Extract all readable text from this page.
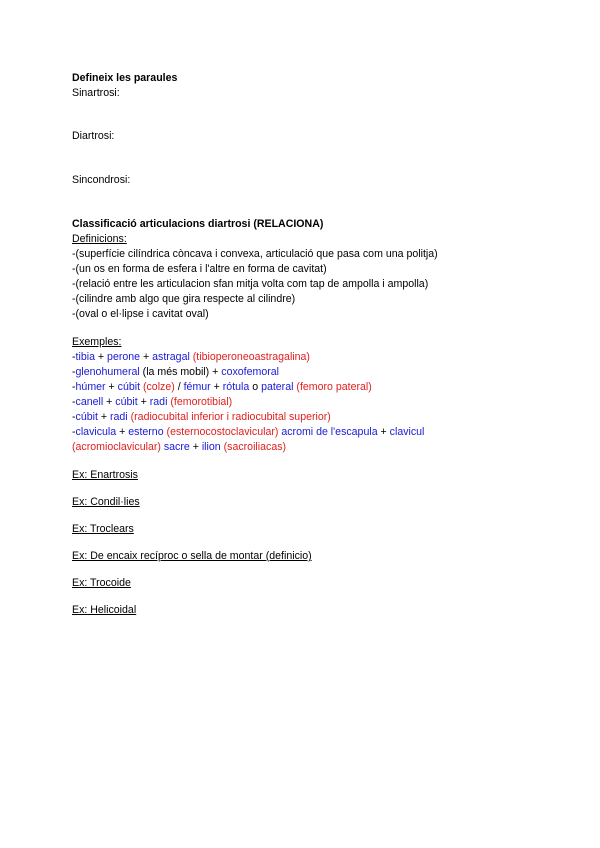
Defineix les paraules
Sinartrosi:
Diartrosi:
Sincondrosi:
Classificació articulacions diartrosi (RELACIONA)
Definicions:
-(superfície cilíndrica còncava i convexa, articulació que pasa com una politja)
-(un os en forma de esfera i l'altre en forma de cavitat)
-(relació entre les articulacion sfan mitja volta com tap de ampolla i ampolla)
-(cilindre amb algo que gira respecte al cilindre)
-(oval o el·lipse i cavitat oval)
Exemples:
-tibia + perone + astragal (tibioperoneoastragalina)
-glenohumeral (la més mobil) + coxofemoral
-húmer + cúbit (colze) / fémur + rótula o pateral (femoro pateral)
-canell + cúbit + radi (femorotibial)
-cúbit + radi (radiocubital inferior i radiocubital superior)
-clavicula + esterno (esternocostoclavicular) acromi de l'escapula + clavicul
(acromioclavicular) sacre + ilion (sacroiliacas)
Ex: Enartrosis
Ex: Condil·lies
Ex: Troclears
Ex: De encaix recíproc o sella de montar (definicio)
Ex: Trocoide
Ex: Helicoidal
